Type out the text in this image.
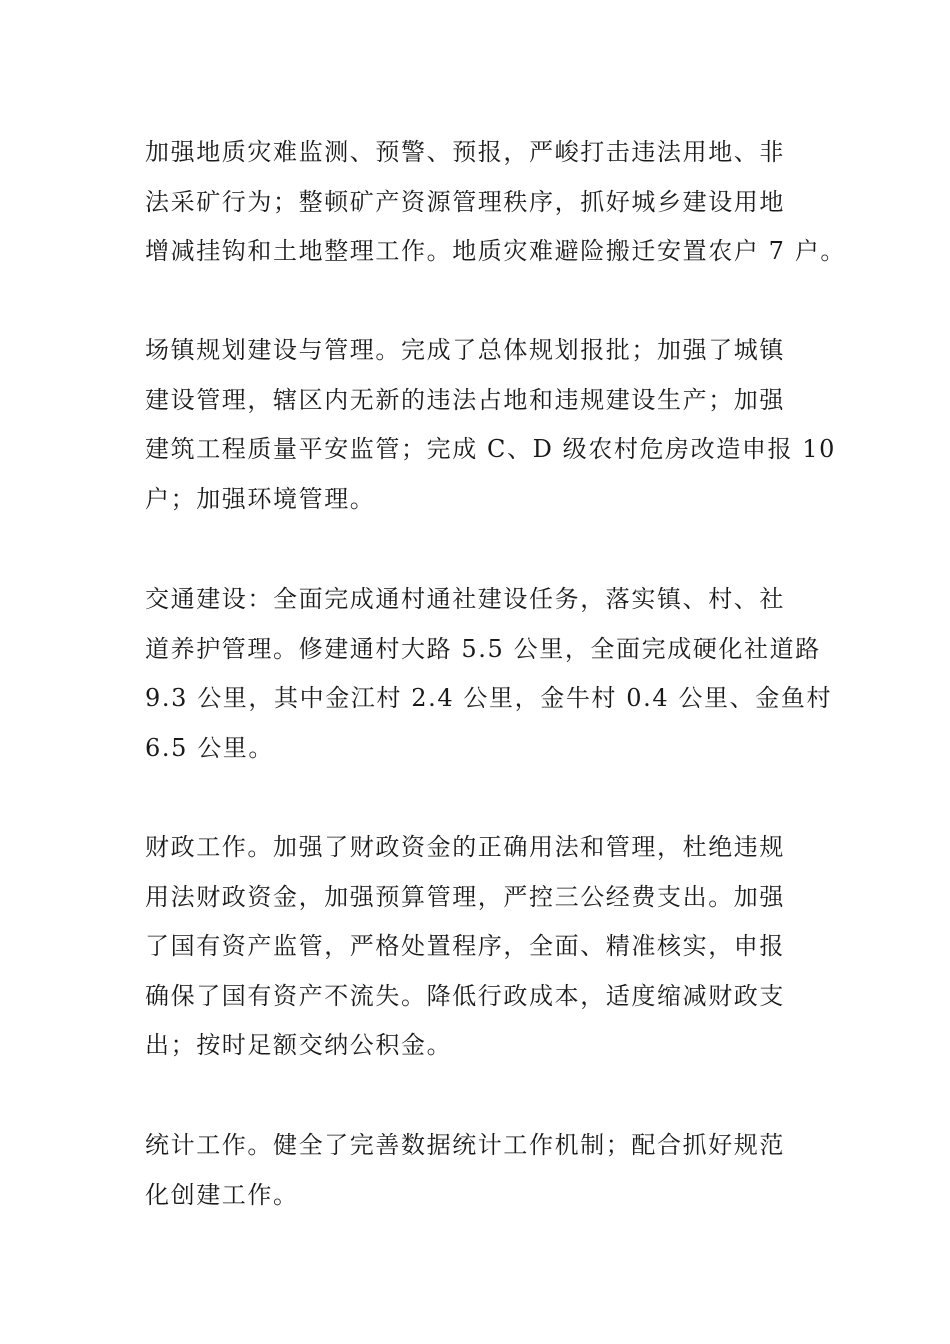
加强地质灾难监测、预警、预报，严峻打击违法用地、非
法采矿行为；整顿矿产资源管理秩序，抓好城乡建设用地
增减挂钩和土地整理工作。地质灾难避险搬迁安置农户 7 户。

场镇规划建设与管理。完成了总体规划报批；加强了城镇
建设管理，辖区内无新的违法占地和违规建设生产；加强
建筑工程质量平安监管；完成 C、D 级农村危房改造申报 10
户；加强环境管理。

交通建设：全面完成通村通社建设任务，落实镇、村、社
道养护管理。修建通村大路 5.5 公里，全面完成硬化社道路
9.3 公里，其中金江村 2.4 公里，金牛村 0.4 公里、金鱼村
6.5 公里。

财政工作。加强了财政资金的正确用法和管理，杜绝违规
用法财政资金，加强预算管理，严控三公经费支出。加强
了国有资产监管，严格处置程序，全面、精准核实，申报
确保了国有资产不流失。降低行政成本，适度缩减财政支
出；按时足额交纳公积金。

统计工作。健全了完善数据统计工作机制；配合抓好规范
化创建工作。
